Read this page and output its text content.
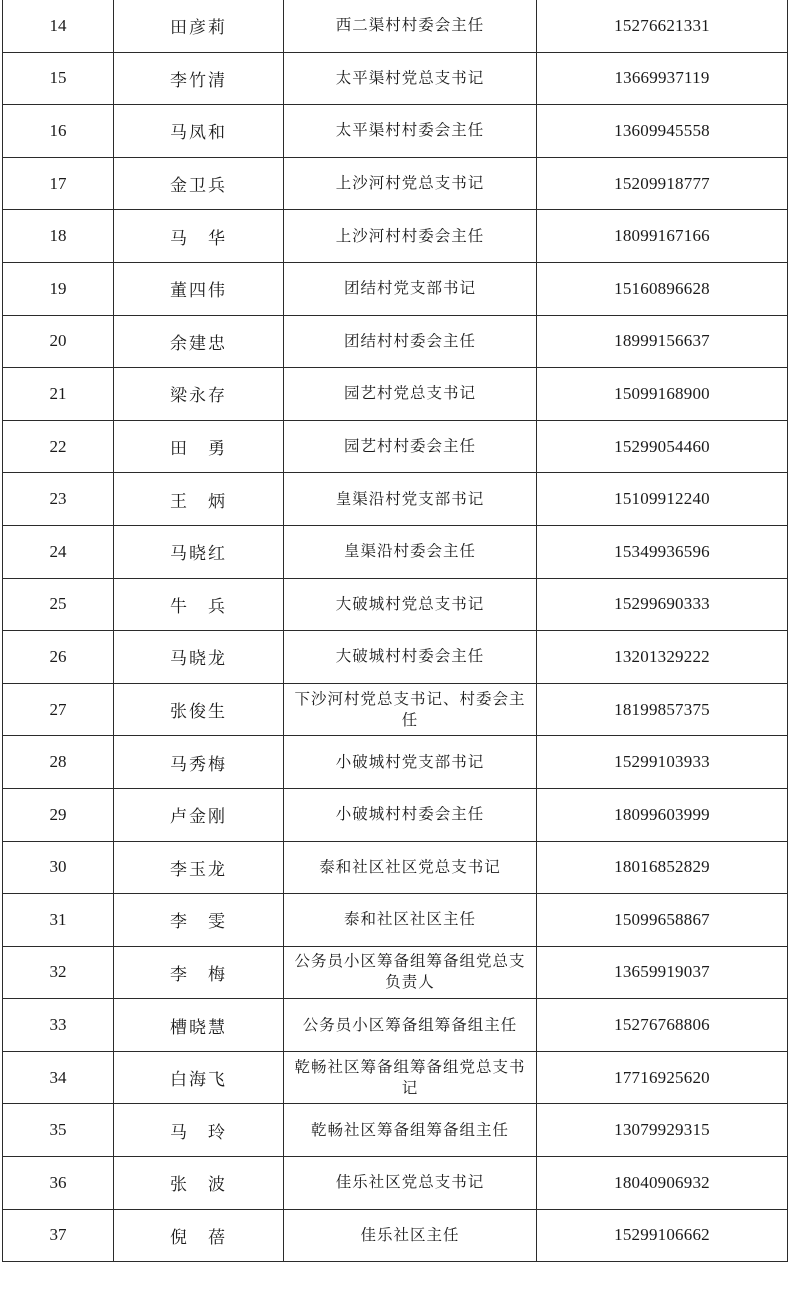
14	田彦莉	西二渠村村委会主任	15276621331
15	李竹清	太平渠村党总支书记	13669937119
16	马凤和	太平渠村村委会主任	13609945558
17	金卫兵	上沙河村党总支书记	15209918777
18	马　华	上沙河村村委会主任	18099167166
19	董四伟	团结村党支部书记	15160896628
20	余建忠	团结村村委会主任	18999156637
21	梁永存	园艺村党总支书记	15099168900
22	田　勇	园艺村村委会主任	15299054460
23	王　炳	皇渠沿村党支部书记	15109912240
24	马晓红	皇渠沿村委会主任	15349936596
25	牛　兵	大破城村党总支书记	15299690333
26	马晓龙	大破城村村委会主任	13201329222
27	张俊生	下沙河村党总支书记、村委会主任	18199857375
28	马秀梅	小破城村党支部书记	15299103933
29	卢金刚	小破城村村委会主任	18099603999
30	李玉龙	泰和社区社区党总支书记	18016852829
31	李　雯	泰和社区社区主任	15099658867
32	李　梅	公务员小区筹备组筹备组党总支负责人	13659919037
33	槽晓慧	公务员小区筹备组筹备组主任	15276768806
34	白海飞	乾畅社区筹备组筹备组党总支书记	17716925620
35	马　玲	乾畅社区筹备组筹备组主任	13079929315
36	张　波	佳乐社区党总支书记	18040906932
37	倪　蓓	佳乐社区主任	15299106662
